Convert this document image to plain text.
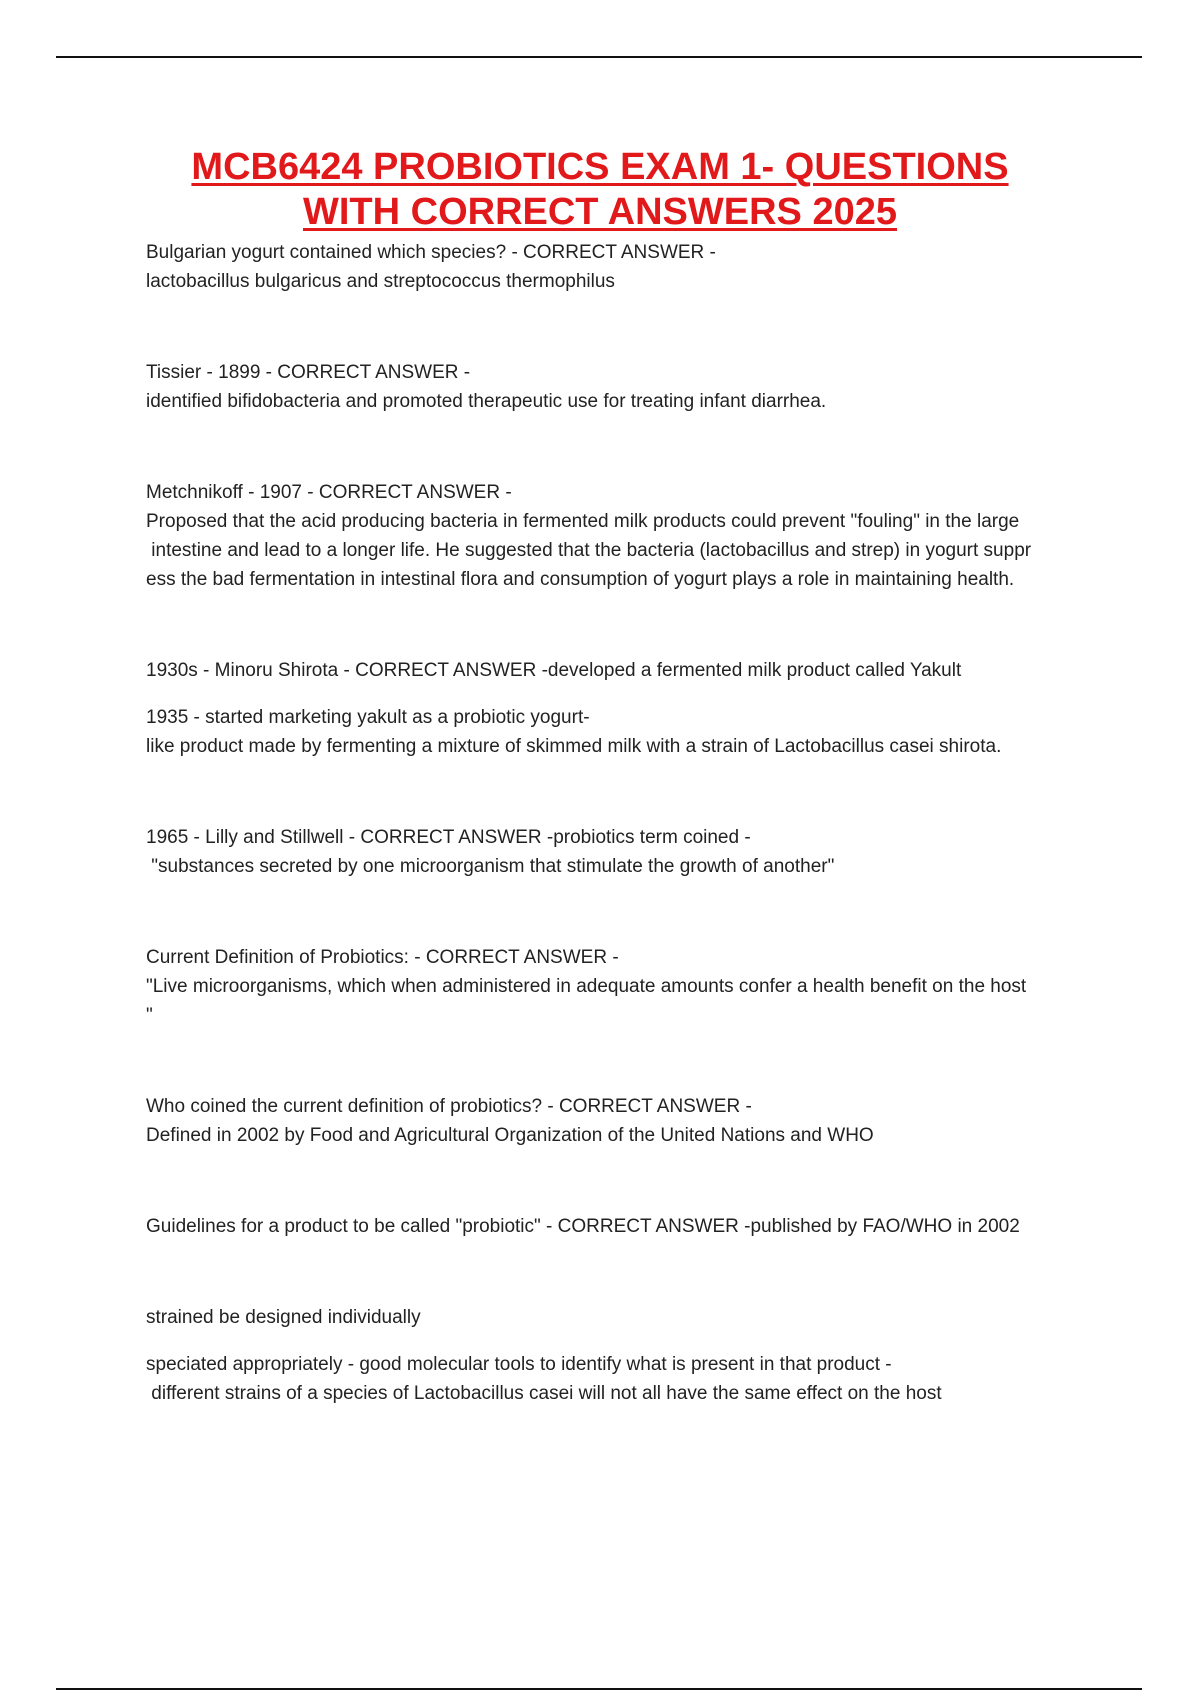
MCB6424 PROBIOTICS EXAM 1- QUESTIONS
WITH CORRECT ANSWERS 2025

Bulgarian yogurt contained which species? - CORRECT ANSWER -

lactobacillus bulgaricus and streptococcus thermophilus

Tissier - 1899 - CORRECT ANSWER -

identified bifidobacteria and promoted therapeutic use for treating infant diarrhea.

Metchnikoff - 1907 - CORRECT ANSWER -

Proposed that the acid producing bacteria in fermented milk products could prevent "fouling" in the large

intestine and lead to a longer life. He suggested that the bacteria (lactobacillus and strep) in yogurt suppr

ess the bad fermentation in intestinal flora and consumption of yogurt plays a role in maintaining health.

1930s - Minoru Shirota - CORRECT ANSWER -developed a fermented milk product called Yakult

1935 - started marketing yakult as a probiotic yogurt-

like product made by fermenting a mixture of skimmed milk with a strain of Lactobacillus casei shirota.

1965 - Lilly and Stillwell - CORRECT ANSWER -probiotics term coined -

"substances secreted by one microorganism that stimulate the growth of another"

Current Definition of Probiotics: - CORRECT ANSWER -

"Live microorganisms, which when administered in adequate amounts confer a health benefit on the host

"

Who coined the current definition of probiotics? - CORRECT ANSWER -

Defined in 2002 by Food and Agricultural Organization of the United Nations and WHO

Guidelines for a product to be called "probiotic" - CORRECT ANSWER -published by FAO/WHO in 2002

strained be designed individually

speciated appropriately - good molecular tools to identify what is present in that product -

different strains of a species of Lactobacillus casei will not all have the same effect on the host
